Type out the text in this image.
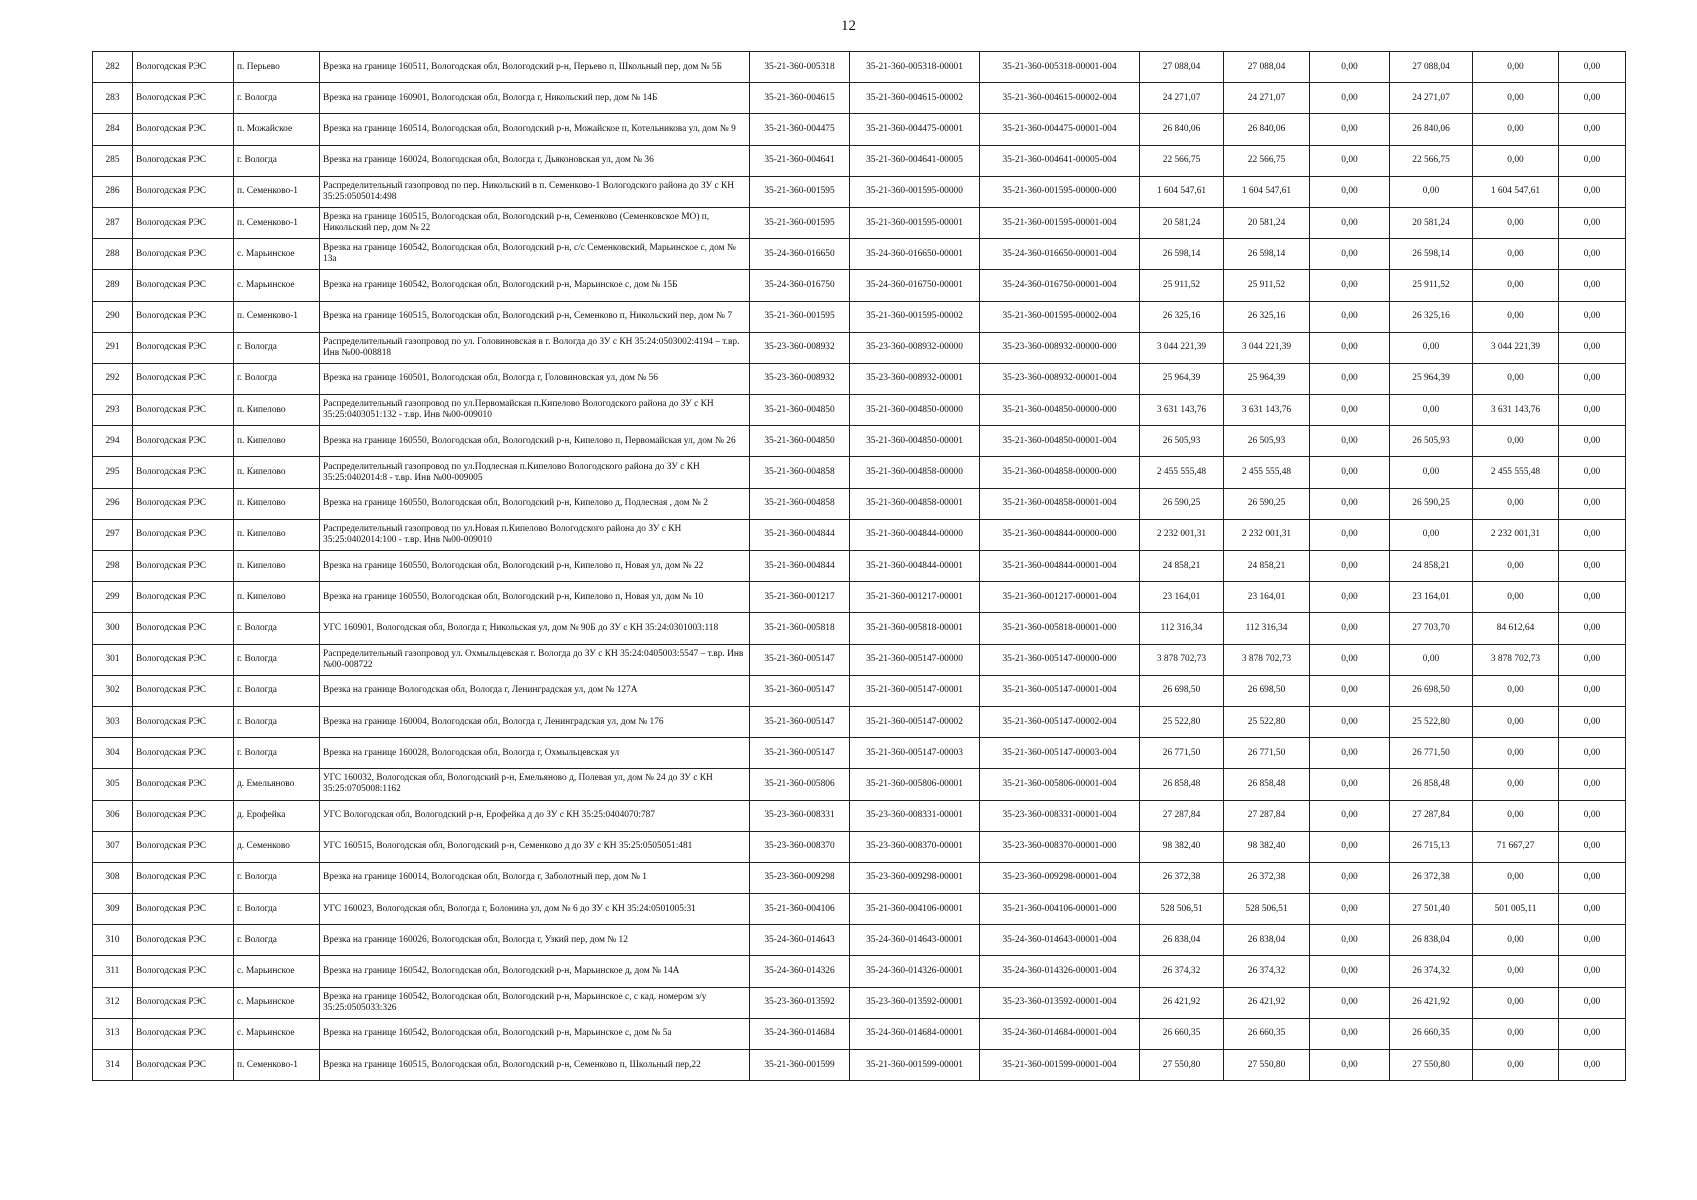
12
282	Вологодская РЭС	п. Перьево	Врезка на границе 160511, Вологодская обл, Вологодский р-н, Перьево п, Школьный пер, дом № 5Б	35-21-360-005318	35-21-360-005318-00001	35-21-360-005318-00001-004	27 088,04	27 088,04	0,00	27 088,04	0,00	0,00
283	Вологодская РЭС	г. Вологда	Врезка на границе 160901, Вологодская обл, Вологда г, Никольский пер, дом № 14Б	35-21-360-004615	35-21-360-004615-00002	35-21-360-004615-00002-004	24 271,07	24 271,07	0,00	24 271,07	0,00	0,00
284	Вологодская РЭС	п. Можайское	Врезка на границе 160514, Вологодская обл, Вологодский р-н, Можайское п, Котельникова ул, дом № 9	35-21-360-004475	35-21-360-004475-00001	35-21-360-004475-00001-004	26 840,06	26 840,06	0,00	26 840,06	0,00	0,00
285	Вологодская РЭС	г. Вологда	Врезка на границе 160024, Вологодская обл, Вологда г, Дьяконовская ул, дом № 36	35-21-360-004641	35-21-360-004641-00005	35-21-360-004641-00005-004	22 566,75	22 566,75	0,00	22 566,75	0,00	0,00
286	Вологодская РЭС	п. Семенково-1	Распределительный газопровод по пер. Никольский в п. Семенково-1 Вологодского района до ЗУ с КН 35:25:0505014:498	35-21-360-001595	35-21-360-001595-00000	35-21-360-001595-00000-000	1 604 547,61	1 604 547,61	0,00	0,00	1 604 547,61	0,00
287	Вологодская РЭС	п. Семенково-1	Врезка на границе 160515, Вологодская обл, Вологодский р-н, Семенково (Семенковское МО) п, Никольский пер, дом № 22	35-21-360-001595	35-21-360-001595-00001	35-21-360-001595-00001-004	20 581,24	20 581,24	0,00	20 581,24	0,00	0,00
288	Вологодская РЭС	с. Марьинское	Врезка на границе 160542, Вологодская обл, Вологодский р-н, с/с Семенковский, Марьинское с, дом № 13а	35-24-360-016650	35-24-360-016650-00001	35-24-360-016650-00001-004	26 598,14	26 598,14	0,00	26 598,14	0,00	0,00
289	Вологодская РЭС	с. Марьинское	Врезка на границе 160542, Вологодская обл, Вологодский р-н, Марьинское с, дом № 15Б	35-24-360-016750	35-24-360-016750-00001	35-24-360-016750-00001-004	25 911,52	25 911,52	0,00	25 911,52	0,00	0,00
290	Вологодская РЭС	п. Семенково-1	Врезка на границе 160515, Вологодская обл, Вологодский р-н, Семенково п, Никольский пер, дом № 7	35-21-360-001595	35-21-360-001595-00002	35-21-360-001595-00002-004	26 325,16	26 325,16	0,00	26 325,16	0,00	0,00
291	Вологодская РЭС	г. Вологда	Распределительный газопровод по ул. Головиновская в г. Вологда до ЗУ с КН 35:24:0503002:4194 – т.вр. Инв №00-008818	35-23-360-008932	35-23-360-008932-00000	35-23-360-008932-00000-000	3 044 221,39	3 044 221,39	0,00	0,00	3 044 221,39	0,00
292	Вологодская РЭС	г. Вологда	Врезка на границе 160501, Вологодская обл, Вологда г, Головиновская ул, дом № 56	35-23-360-008932	35-23-360-008932-00001	35-23-360-008932-00001-004	25 964,39	25 964,39	0,00	25 964,39	0,00	0,00
293	Вологодская РЭС	п. Кипелово	Распределительный газопровод по ул.Первомайская п.Кипелово Вологодского района до ЗУ с КН 35:25:0403051:132 - т.вр. Инв №00-009010	35-21-360-004850	35-21-360-004850-00000	35-21-360-004850-00000-000	3 631 143,76	3 631 143,76	0,00	0,00	3 631 143,76	0,00
294	Вологодская РЭС	п. Кипелово	Врезка на границе 160550, Вологодская обл, Вологодский р-н, Кипелово п, Первомайская ул, дом № 26	35-21-360-004850	35-21-360-004850-00001	35-21-360-004850-00001-004	26 505,93	26 505,93	0,00	26 505,93	0,00	0,00
295	Вологодская РЭС	п. Кипелово	Распределительный газопровод по ул.Подлесная п.Кипелово Вологодского района до ЗУ с КН 35:25:0402014:8 - т.вр. Инв №00-009005	35-21-360-004858	35-21-360-004858-00000	35-21-360-004858-00000-000	2 455 555,48	2 455 555,48	0,00	0,00	2 455 555,48	0,00
296	Вологодская РЭС	п. Кипелово	Врезка на границе 160550, Вологодская обл, Вологодский р-н, Кипелово д, Подлесная , дом № 2	35-21-360-004858	35-21-360-004858-00001	35-21-360-004858-00001-004	26 590,25	26 590,25	0,00	26 590,25	0,00	0,00
297	Вологодская РЭС	п. Кипелово	Распределительный газопровод по ул.Новая п.Кипелово Вологодского района до ЗУ с КН 35:25:0402014:100 - т.вр. Инв №00-009010	35-21-360-004844	35-21-360-004844-00000	35-21-360-004844-00000-000	2 232 001,31	2 232 001,31	0,00	0,00	2 232 001,31	0,00
298	Вологодская РЭС	п. Кипелово	Врезка на границе 160550, Вологодская обл, Вологодский р-н, Кипелово п, Новая ул, дом № 22	35-21-360-004844	35-21-360-004844-00001	35-21-360-004844-00001-004	24 858,21	24 858,21	0,00	24 858,21	0,00	0,00
299	Вологодская РЭС	п. Кипелово	Врезка на границе 160550, Вологодская обл, Вологодский р-н, Кипелово п, Новая ул, дом № 10	35-21-360-001217	35-21-360-001217-00001	35-21-360-001217-00001-004	23 164,01	23 164,01	0,00	23 164,01	0,00	0,00
300	Вологодская РЭС	г. Вологда	УГС 160901, Вологодская обл, Вологда г, Никольская ул, дом № 90Б до ЗУ с КН 35:24:0301003:118	35-21-360-005818	35-21-360-005818-00001	35-21-360-005818-00001-000	112 316,34	112 316,34	0,00	27 703,70	84 612,64	0,00
301	Вологодская РЭС	г. Вологда	Распределительный газопровод ул. Охмыльцевская г. Вологда до ЗУ с КН 35:24:0405003:5547 – т.вр. Инв №00-008722	35-21-360-005147	35-21-360-005147-00000	35-21-360-005147-00000-000	3 878 702,73	3 878 702,73	0,00	0,00	3 878 702,73	0,00
302	Вологодская РЭС	г. Вологда	Врезка на границе Вологодская обл, Вологда г, Ленинградская ул, дом № 127А	35-21-360-005147	35-21-360-005147-00001	35-21-360-005147-00001-004	26 698,50	26 698,50	0,00	26 698,50	0,00	0,00
303	Вологодская РЭС	г. Вологда	Врезка на границе 160004, Вологодская обл, Вологда г, Ленинградская ул, дом № 176	35-21-360-005147	35-21-360-005147-00002	35-21-360-005147-00002-004	25 522,80	25 522,80	0,00	25 522,80	0,00	0,00
304	Вологодская РЭС	г. Вологда	Врезка на границе 160028, Вологодская обл, Вологда г, Охмыльцевская ул	35-21-360-005147	35-21-360-005147-00003	35-21-360-005147-00003-004	26 771,50	26 771,50	0,00	26 771,50	0,00	0,00
305	Вологодская РЭС	д. Емельяново	УГС 160032, Вологодская обл, Вологодский р-н, Емельяново д, Полевая ул, дом № 24 до ЗУ с КН 35:25:0705008:1162	35-21-360-005806	35-21-360-005806-00001	35-21-360-005806-00001-004	26 858,48	26 858,48	0,00	26 858,48	0,00	0,00
306	Вологодская РЭС	д. Ерофейка	УГС Вологодская обл, Вологодский р-н, Ерофейка д до ЗУ с КН 35:25:0404070:787	35-23-360-008331	35-23-360-008331-00001	35-23-360-008331-00001-004	27 287,84	27 287,84	0,00	27 287,84	0,00	0,00
307	Вологодская РЭС	д. Семенково	УГС 160515, Вологодская обл, Вологодский р-н, Семенково д до ЗУ с КН 35:25:0505051:481	35-23-360-008370	35-23-360-008370-00001	35-23-360-008370-00001-000	98 382,40	98 382,40	0,00	26 715,13	71 667,27	0,00
308	Вологодская РЭС	г. Вологда	Врезка на границе 160014, Вологодская обл, Вологда г, Заболотный пер, дом № 1	35-23-360-009298	35-23-360-009298-00001	35-23-360-009298-00001-004	26 372,38	26 372,38	0,00	26 372,38	0,00	0,00
309	Вологодская РЭС	г. Вологда	УГС 160023, Вологодская обл, Вологда г, Болонина ул, дом № 6 до ЗУ с КН 35:24:0501005:31	35-21-360-004106	35-21-360-004106-00001	35-21-360-004106-00001-000	528 506,51	528 506,51	0,00	27 501,40	501 005,11	0,00
310	Вологодская РЭС	г. Вологда	Врезка на границе 160026, Вологодская обл, Вологда г, Узкий пер, дом № 12	35-24-360-014643	35-24-360-014643-00001	35-24-360-014643-00001-004	26 838,04	26 838,04	0,00	26 838,04	0,00	0,00
311	Вологодская РЭС	с. Марьинское	Врезка на границе 160542, Вологодская обл, Вологодский р-н, Марьинское д, дом № 14А	35-24-360-014326	35-24-360-014326-00001	35-24-360-014326-00001-004	26 374,32	26 374,32	0,00	26 374,32	0,00	0,00
312	Вологодская РЭС	с. Марьинское	Врезка на границе 160542, Вологодская обл, Вологодский р-н, Марьинское с, с кад. номером з/у 35:25:0505033:326	35-23-360-013592	35-23-360-013592-00001	35-23-360-013592-00001-004	26 421,92	26 421,92	0,00	26 421,92	0,00	0,00
313	Вологодская РЭС	с. Марьинское	Врезка на границе 160542, Вологодская обл, Вологодский р-н, Марьинское с, дом № 5а	35-24-360-014684	35-24-360-014684-00001	35-24-360-014684-00001-004	26 660,35	26 660,35	0,00	26 660,35	0,00	0,00
314	Вологодская РЭС	п. Семенково-1	Врезка на границе 160515, Вологодская обл, Вологодский р-н, Семенково п, Школьный пер,22	35-21-360-001599	35-21-360-001599-00001	35-21-360-001599-00001-004	27 550,80	27 550,80	0,00	27 550,80	0,00	0,00
